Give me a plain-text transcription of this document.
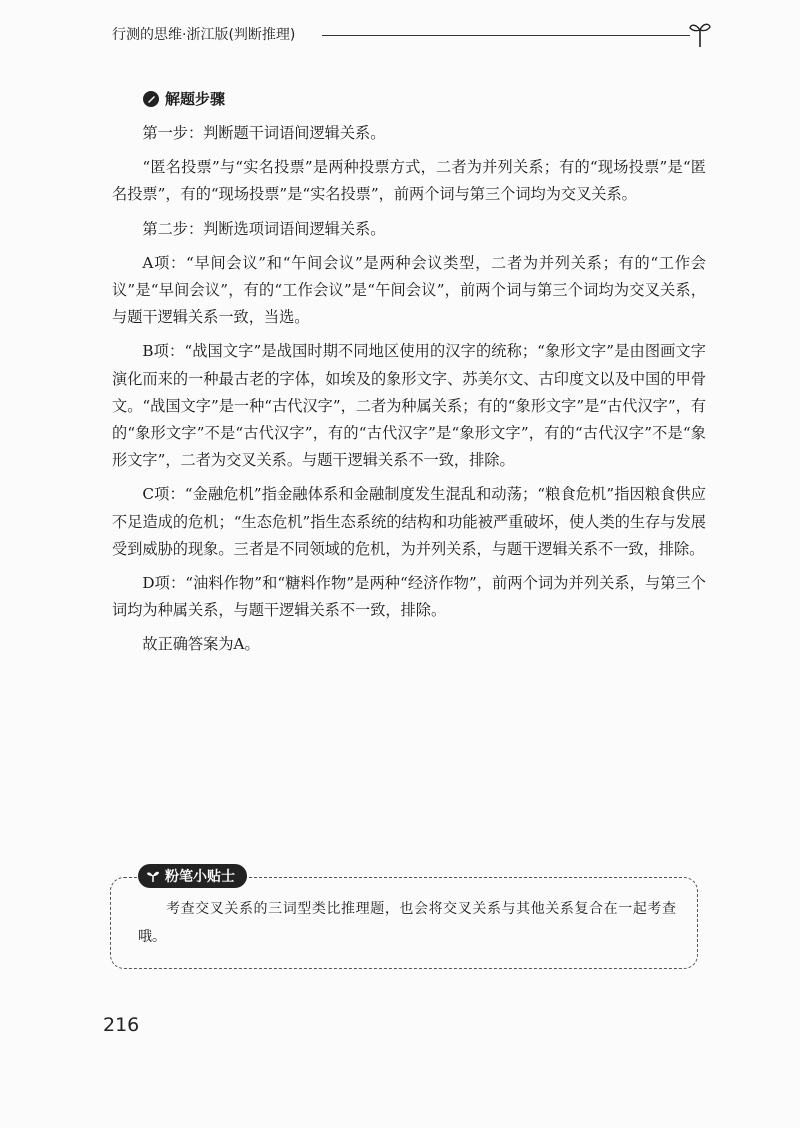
行测的思维·浙江版(判断推理)
解题步骤

第一步：判断题干词语间逻辑关系。

“匿名投票”与“实名投票”是两种投票方式，二者为并列关系；有的“现场投票”是“匿名投票”，有的“现场投票”是“实名投票”，前两个词与第三个词均为交叉关系。

第二步：判断选项词语间逻辑关系。

A项：“早间会议”和“午间会议”是两种会议类型，二者为并列关系；有的“工作会议”是“早间会议”，有的“工作会议”是“午间会议”，前两个词与第三个词均为交叉关系，与题干逻辑关系一致，当选。

B项：“战国文字”是战国时期不同地区使用的汉字的统称；“象形文字”是由图画文字演化而来的一种最古老的字体，如埃及的象形文字、苏美尔文、古印度文以及中国的甲骨文。“战国文字”是一种“古代汉字”，二者为种属关系；有的“象形文字”是“古代汉字”，有的“象形文字”不是“古代汉字”，有的“古代汉字”是“象形文字”，有的“古代汉字”不是“象形文字”，二者为交叉关系。与题干逻辑关系不一致，排除。

C项：“金融危机”指金融体系和金融制度发生混乱和动荡；“粮食危机”指因粮食供应不足造成的危机；“生态危机”指生态系统的结构和功能被严重破坏，使人类的生存与发展受到威胁的现象。三者是不同领域的危机，为并列关系，与题干逻辑关系不一致，排除。

D项：“油料作物”和“糖料作物”是两种“经济作物”，前两个词为并列关系，与第三个词均为种属关系，与题干逻辑关系不一致，排除。

故正确答案为A。

粉笔小贴士
考查交叉关系的三词型类比推理题，也会将交叉关系与其他关系复合在一起考查哦。
216
